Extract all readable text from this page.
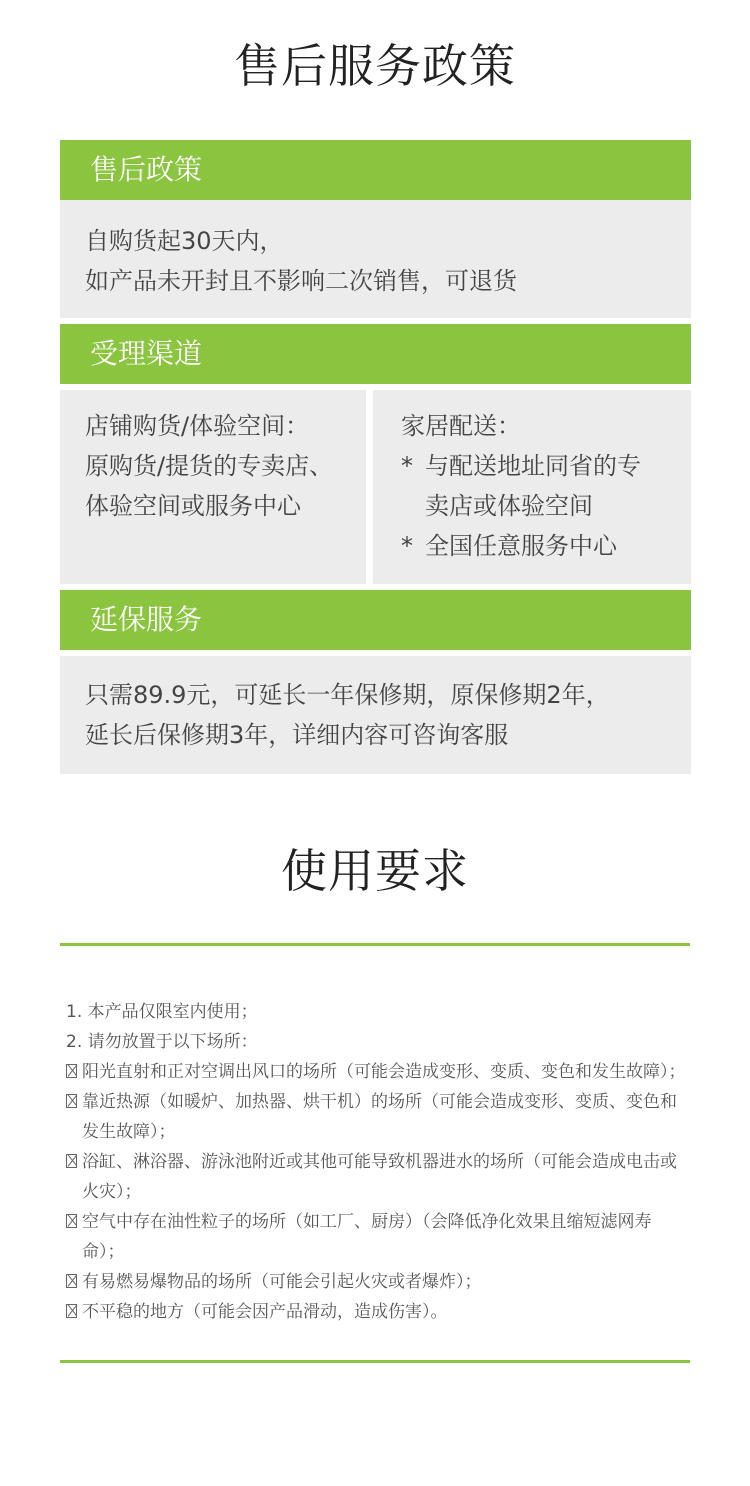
售后服务政策
售后政策

自购货起30天内，

如产品未开封且不影响二次销售，可退货

受理渠道

店铺购货/体验空间：

原购货/提货的专卖店、

体验空间或服务中心

家居配送：

* 与配送地址同省的专

卖店或体验空间

* 全国任意服务中心

延保服务

只需89.9元，可延长一年保修期，原保修期2年，

延长后保修期3年，详细内容可咨询客服

使用要求

1. 本产品仅限室内使用；

2. 请勿放置于以下场所：

阳光直射和正对空调出风口的场所（可能会造成变形、变质、变色和发生故障）；
靠近热源（如暖炉、加热器、烘干机）的场所（可能会造成变形、变质、变色和发生故障）；
浴缸、淋浴器、游泳池附近或其他可能导致机器进水的场所（可能会造成电击或火灾）；
空气中存在油性粒子的场所（如工厂、厨房）（会降低净化效果且缩短滤网寿命）；
有易燃易爆物品的场所（可能会引起火灾或者爆炸）；
不平稳的地方（可能会因产品滑动，造成伤害）。
